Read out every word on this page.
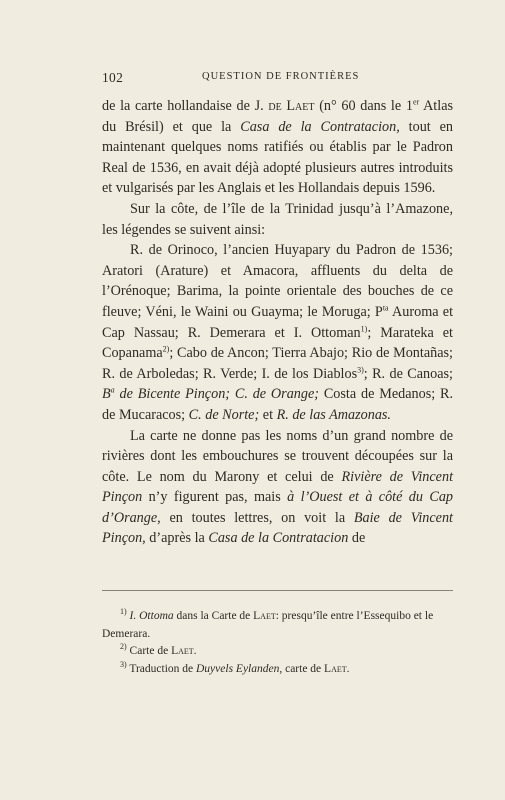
102	QUESTION DE FRONTIÈRES

de la carte hollandaise de J. de Laet (n° 60 dans le 1er Atlas du Brésil) et que la Casa de la Contratacion, tout en maintenant quelques noms ratifiés ou établis par le Padron Real de 1536, en avait déjà adopté plusieurs autres introduits et vulgarisés par les Anglais et les Hollandais depuis 1596.

Sur la côte, de l’île de la Trinidad jusqu’à l’Amazone, les légendes se suivent ainsi:

R. de Orinoco, l’ancien Huyapary du Padron de 1536; Aratori (Arature) et Amacora, affluents du delta de l’Orénoque; Barima, la pointe orientale des bouches de ce fleuve; Véni, le Waini ou Guayma; le Moruga; $P^{ta}$ Auroma et Cap Nassau; R. Demerara et I. Ottoman$^{1)}$; Marateka et Copanama$^{2)}$; Cabo de Ancon; Tierra Abajo; Rio de Montañas; R. de Arboledas; R. Verde; I. de los Diablos$^{3)}$; R. de Canoas; $B^a$ de Bicente Pinçon; C. de Orange; Costa de Medanos; R. de Mucaracos; C. de Norte; et R. de las Amazonas.

La carte ne donne pas les noms d’un grand nombre de rivières dont les embouchures se trouvent découpées sur la côte. Le nom du Marony et celui de Rivière de Vincent Pinçon n’y figurent pas, mais à l’Ouest et à côté du Cap d’Orange, en toutes lettres, on voit la Baie de Vincent Pinçon, d’après la Casa de la Contratacion de

$^{1)}$ I. Ottoma dans la Carte de Laet: presqu’île entre l’Essequibo et le Demerara.

$^{2)}$ Carte de Laet.

$^{3)}$ Traduction de Duyvels Eylanden, carte de Laet.
